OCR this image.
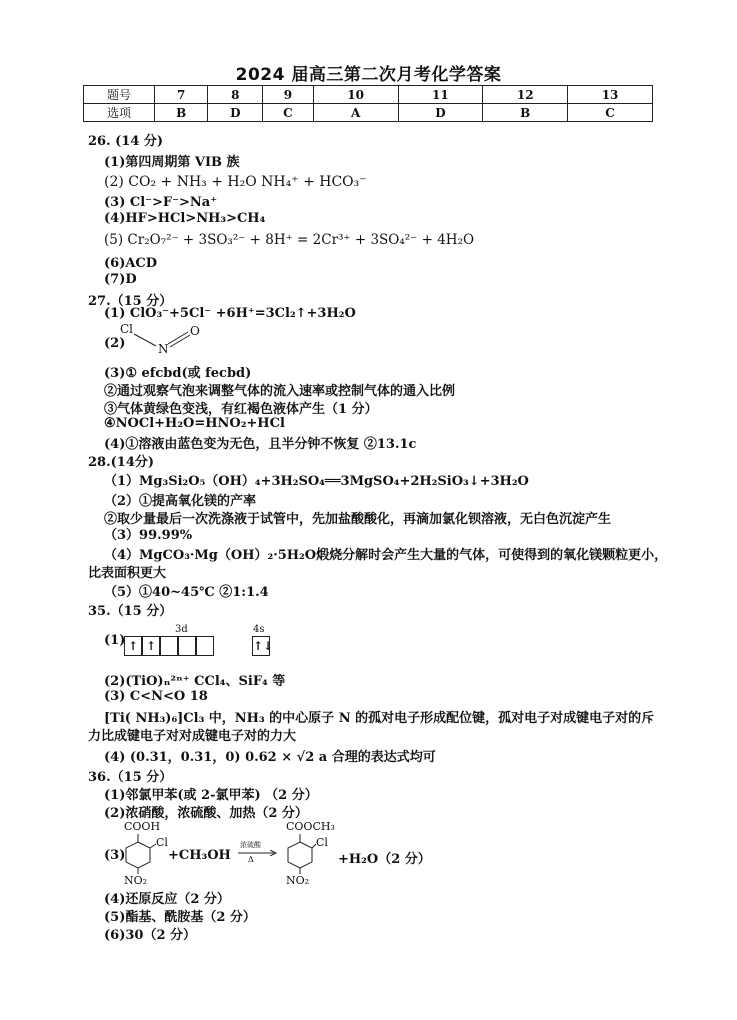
2024 届高三第二次月考化学答案
题号	7	8	9	10	11	12	13
选项	B	D	C	A	D	B	C
26. (14 分)
(1)第四周期第 VIB 族
(2) CO₂ + NH₃ + H₂O NH₄⁺ + HCO₃⁻
(3) Cl⁻>F⁻>Na⁺
(4)HF>HCl>NH₃>CH₄
(5) Cr₂O₇²⁻ + 3SO₃²⁻ + 8H⁺ = 2Cr³⁺ + 3SO₄²⁻ + 4H₂O
(6)ACD
(7)D
27.（15 分）
(1) ClO₃⁻+5Cl⁻ +6H⁺=3Cl₂↑+3H₂O
(2)
Cl
N
O
(3)① efcbd(或 fecbd)
②通过观察气泡来调整气体的流入速率或控制气体的通入比例
③气体黄绿色变浅，有红褐色液体产生（1 分）
④NOCl+H₂O=HNO₂+HCl
(4)①溶液由蓝色变为无色，且半分钟不恢复 ②13.1c
28.(14分)
（1）Mg₃Si₂O₅（OH）₄+3H₂SO₄══3MgSO₄+2H₂SiO₃↓+3H₂O
（2）①提高氧化镁的产率
②取少量最后一次洗涤液于试管中，先加盐酸酸化，再滴加氯化钡溶液，无白色沉淀产生
（3）99.99%
（4）MgCO₃·Mg（OH）₂·5H₂O煅烧分解时会产生大量的气体，可使得到的氧化镁颗粒更小，
比表面积更大
（5）①40~45℃ ②1:1.4
35.（15 分）
(1)
3d	4s
↑ ↑	↑↓
(2)(TiO)ₙ²ⁿ⁺ CCl₄、SiF₄ 等
(3) C<N<O 18
[Ti( NH₃)₆]Cl₃ 中，NH₃ 的中心原子 N 的孤对电子形成配位键，孤对电子对成键电子对的斥
力比成键电子对对成键电子对的力大
(4) (0.31，0.31，0) 0.62 × √2 a 合理的表达式均可
36.（15 分）
(1)邻氯甲苯(或 2-氯甲苯) （2 分）
(2)浓硝酸，浓硫酸、加热（2 分）
(3)
COOH
Cl
NO₂
+CH₃OH
浓硫酸
Δ
COOCH₃
Cl
NO₂
+H₂O（2 分）
(4)还原反应（2 分）
(5)酯基、酰胺基（2 分）
(6)30（2 分）
